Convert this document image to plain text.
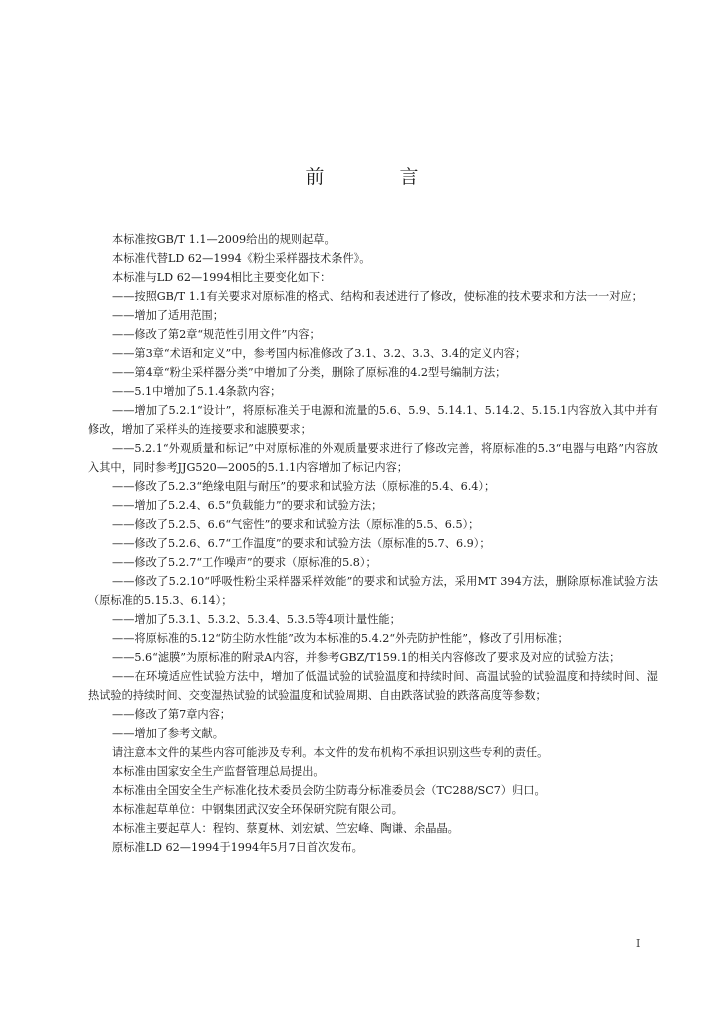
前　言

本标准按GB/T 1.1—2009给出的规则起草。

本标准代替LD 62—1994《粉尘采样器技术条件》。

本标准与LD 62—1994相比主要变化如下：

——按照GB/T 1.1有关要求对原标准的格式、结构和表述进行了修改，使标准的技术要求和方法一一对应；

——增加了适用范围；

——修改了第2章“规范性引用文件”内容；

——第3章“术语和定义”中，参考国内标准修改了3.1、3.2、3.3、3.4的定义内容；

——第4章“粉尘采样器分类”中增加了分类，删除了原标准的4.2型号编制方法；

——5.1中增加了5.1.4条款内容；

——增加了5.2.1“设计”，将原标准关于电源和流量的5.6、5.9、5.14.1、5.14.2、5.15.1内容放入其中并有修改，增加了采样头的连接要求和滤膜要求；

——5.2.1“外观质量和标记”中对原标准的外观质量要求进行了修改完善，将原标准的5.3“电器与电路”内容放入其中，同时参考JJG520—2005的5.1.1内容增加了标记内容；

——修改了5.2.3“绝缘电阻与耐压”的要求和试验方法（原标准的5.4、6.4）；

——增加了5.2.4、6.5“负载能力”的要求和试验方法；

——修改了5.2.5、6.6“气密性”的要求和试验方法（原标准的5.5、6.5）；

——修改了5.2.6、6.7“工作温度”的要求和试验方法（原标准的5.7、6.9）；

——修改了5.2.7“工作噪声”的要求（原标准的5.8）；

——修改了5.2.10“呼吸性粉尘采样器采样效能”的要求和试验方法，采用MT 394方法，删除原标准试验方法（原标准的5.15.3、6.14）；

——增加了5.3.1、5.3.2、5.3.4、5.3.5等4项计量性能；

——将原标准的5.12“防尘防水性能”改为本标准的5.4.2“外壳防护性能”，修改了引用标准；

——5.6“滤膜”为原标准的附录A内容，并参考GBZ/T159.1的相关内容修改了要求及对应的试验方法；

——在环境适应性试验方法中，增加了低温试验的试验温度和持续时间、高温试验的试验温度和持续时间、湿热试验的持续时间、交变湿热试验的试验温度和试验周期、自由跌落试验的跌落高度等参数；

——修改了第7章内容；

——增加了参考文献。

请注意本文件的某些内容可能涉及专利。本文件的发布机构不承担识别这些专利的责任。

本标准由国家安全生产监督管理总局提出。

本标准由全国安全生产标准化技术委员会防尘防毒分标准委员会（TC288/SC7）归口。

本标准起草单位：中钢集团武汉安全环保研究院有限公司。

本标准主要起草人：程钧、蔡夏林、刘宏斌、竺宏峰、陶谦、余晶晶。

原标准LD 62—1994于1994年5月7日首次发布。

I
